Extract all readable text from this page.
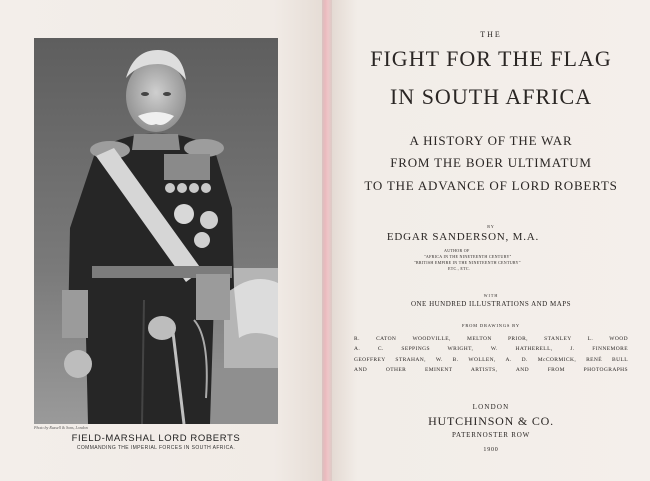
Photo by Russell & Sons, London
FIELD-MARSHAL LORD ROBERTS
COMMANDING THE IMPERIAL FORCES IN SOUTH AFRICA.
THE
FIGHT FOR THE FLAG
IN SOUTH AFRICA
A HISTORY OF THE WAR
FROM THE BOER ULTIMATUM
TO THE ADVANCE OF LORD ROBERTS
BY
EDGAR SANDERSON, M.A.
AUTHOR OF
"AFRICA IN THE NINETEENTH CENTURY"
"BRITISH EMPIRE IN THE NINETEENTH CENTURY"
ETC., ETC.
WITH
ONE HUNDRED ILLUSTRATIONS AND MAPS
FROM DRAWINGS BY
R. CATON WOODVILLE, MELTON PRIOR, STANLEY L. WOOD
A. C. SEPPINGS WRIGHT, W. HATHERELL, J. FINNEMORE
GEOFFREY STRAHAN, W. B. WOLLEN, A. D. McCORMICK, RENÉ BULL
AND OTHER EMINENT ARTISTS, AND FROM PHOTOGRAPHS
LONDON
HUTCHINSON & CO.
PATERNOSTER ROW
1900
